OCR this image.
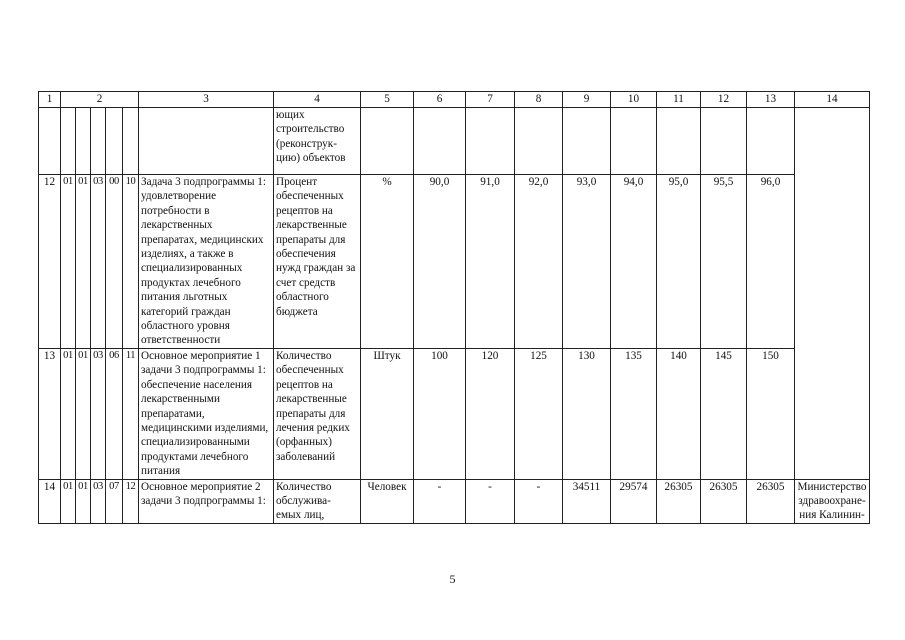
1	2					3	4	5	6	7	8	9	10	11	12	13	14
							ющих строительство (реконструк- цию) объектов										
12	01	01	03	00	10	Задача 3 подпрограммы 1: удовлетворение потребности в лекарственных препаратах, медицинских изделиях, а также в специализированных продуктах лечебного питания льготных категорий граждан областного уровня ответственности	Процент обеспеченных рецептов на лекарственные препараты для обеспечения нужд граждан за счет средств областного бюджета	%	90,0	91,0	92,0	93,0	94,0	95,0	95,5	96,0	
13	01	01	03	06	11	Основное мероприятие 1 задачи 3 подпрограммы 1: обеспечение населения лекарственными препаратами, медицинскими изделиями, специализированными продуктами лечебного питания	Количество обеспеченных рецептов на лекарственные препараты для лечения редких (орфанных) заболеваний	Штук	100	120	125	130	135	140	145	150	
14	01	01	03	07	12	Основное мероприятие 2 задачи 3 подпрограммы 1:	Количество обслужива- емых лиц,	Человек	-	-	-	34511	29574	26305	26305	26305	Министерство здравоохране- ния Калинин-
5
